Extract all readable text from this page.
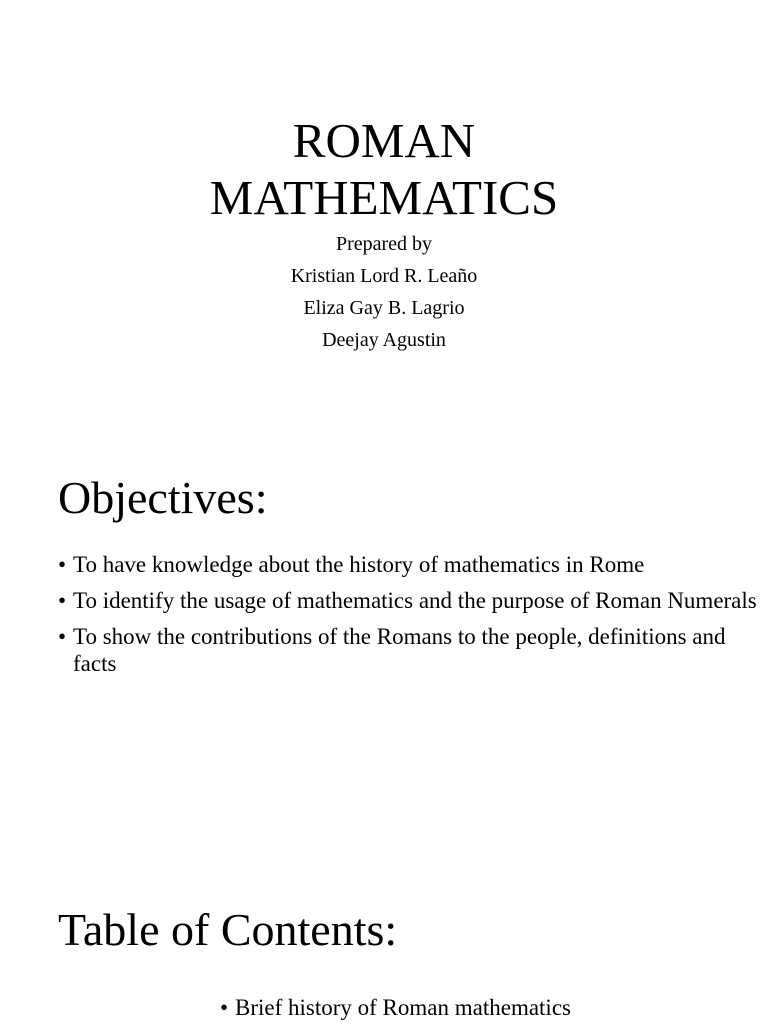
ROMAN
MATHEMATICS
Prepared by
Kristian Lord R. Leaño
Eliza Gay B. Lagrio
Deejay Agustin
Objectives:
• To have knowledge about the history of mathematics in Rome
• To identify the usage of mathematics and the purpose of Roman Numerals
• To show the contributions of the Romans to the people, definitions and facts
Table of Contents:
• Brief history of Roman mathematics
